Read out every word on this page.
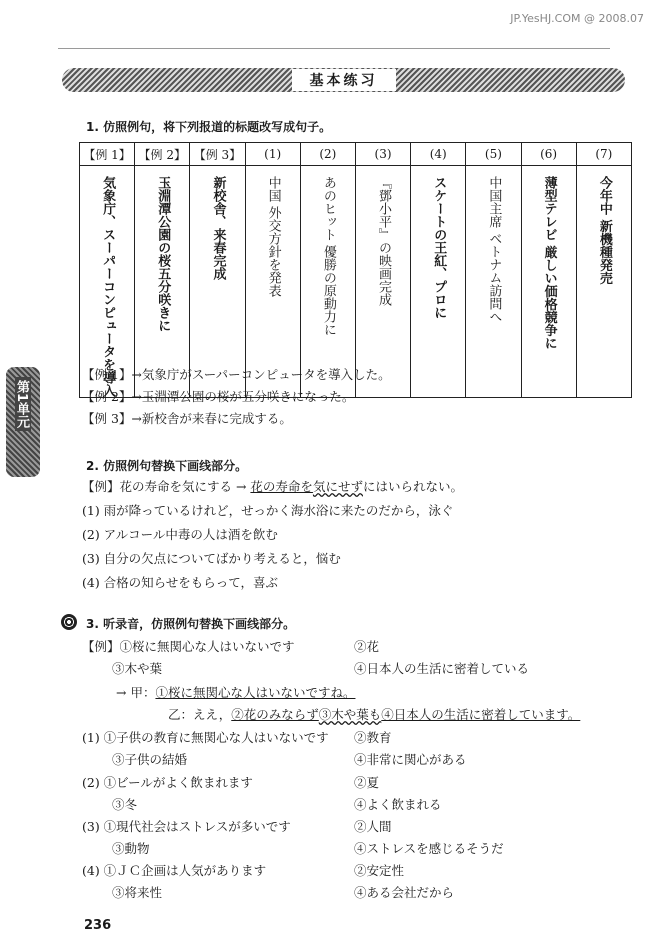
JP.YesHJ.COM @ 2008.07
基本练习
第1单元
1. 仿照例句，将下列报道的标题改写成句子。
【例 1】	【例 2】	【例 3】	(1)	(2)	(3)	(4)	(5)	(6)	(7)

気象庁、スーパーコンピュータを導入	玉淵潭公園の桜五分咲きに	新校舎、来春完成	中国 外交方針を発表	あのヒット 優勝の原動力に	『鄧小平』の映画完成	スケートの王紅、プロに	中国主席 ベトナム訪問へ	薄型テレビ 厳しい価格競争に	今年中 新機種発売
【例 1】→気象庁がスーパーコンピュータを導入した。
【例 2】→玉淵潭公園の桜が五分咲きになった。
【例 3】→新校舎が来春に完成する。
2. 仿照例句替换下画线部分。
【例】花の寿命を気にする → 花の寿命を気にせずにはいられない。
(1) 雨が降っているけれど，せっかく海水浴に来たのだから，泳ぐ
(2) アルコール中毒の人は酒を飲む
(3) 自分の欠点についてばかり考えると，悩む
(4) 合格の知らせをもらって，喜ぶ
3. 听录音，仿照例句替换下画线部分。
【例】①桜に無関心な人はいないです	②花
③木や葉	④日本人の生活に密着している
→ 甲：①桜に無関心な人はいないですね。
乙：ええ，②花のみならず③木や葉も④日本人の生活に密着しています。
(1) ①子供の教育に無関心な人はいないです ②教育
③子供の結婚	④非常に関心がある
(2) ①ビールがよく飲まれます	②夏
③冬	④よく飲まれる
(3) ①現代社会はストレスが多いです	②人間
③動物	④ストレスを感じるそうだ
(4) ①ＪＣ企画は人気があります	②安定性
③将来性	④ある会社だから
236
